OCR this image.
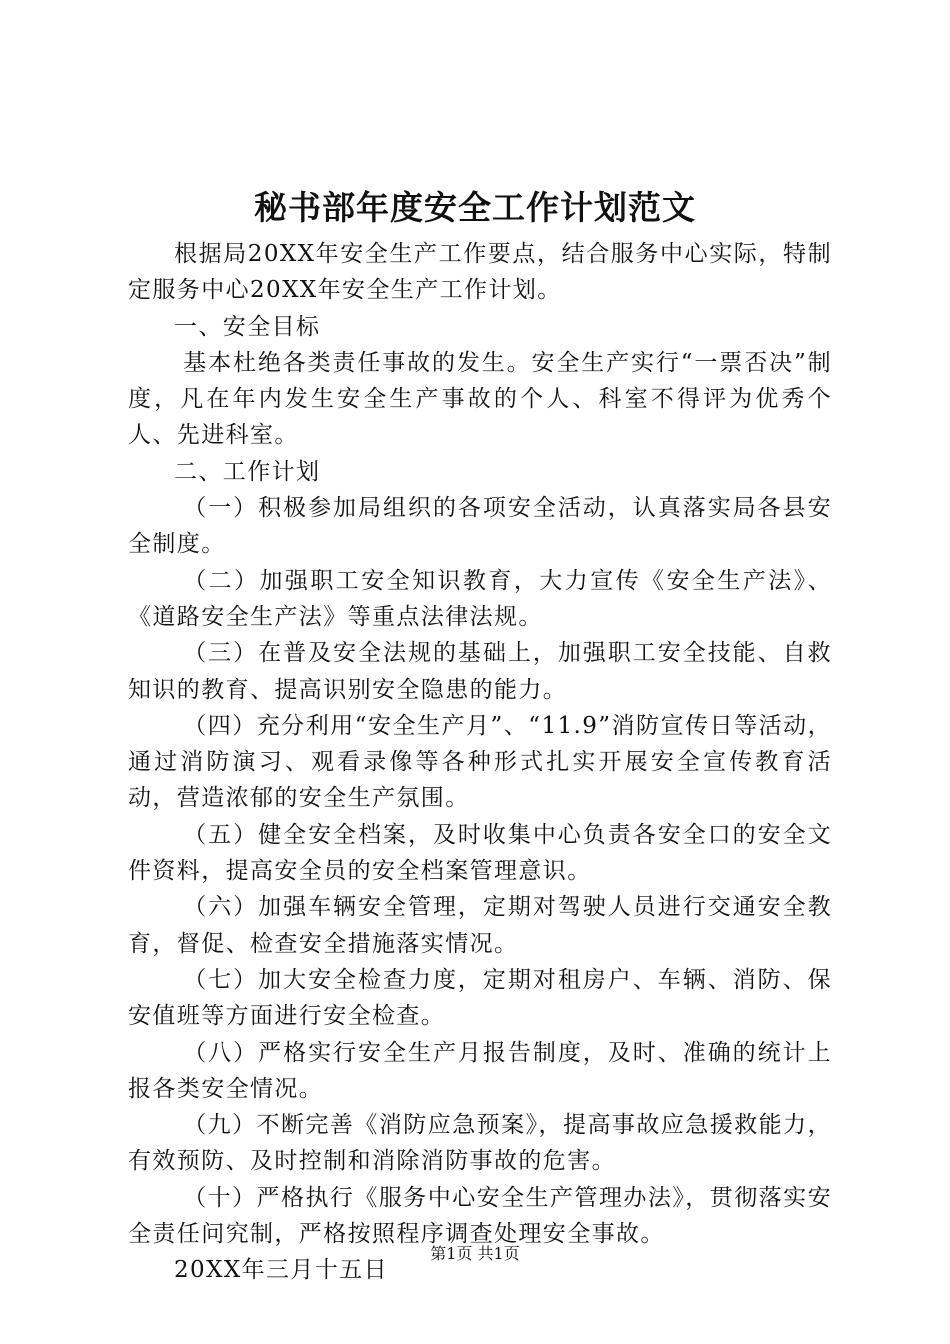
秘书部年度安全工作计划范文

根据局20XX年安全生产工作要点，结合服务中心实际，特制定服务中心20XX年安全生产工作计划。

一、安全目标

基本杜绝各类责任事故的发生。安全生产实行“一票否决”制度，凡在年内发生安全生产事故的个人、科室不得评为优秀个人、先进科室。

二、工作计划

（一）积极参加局组织的各项安全活动，认真落实局各县安全制度。

（二）加强职工安全知识教育，大力宣传《安全生产法》、《道路安全生产法》等重点法律法规。

（三）在普及安全法规的基础上，加强职工安全技能、自救知识的教育、提高识别安全隐患的能力。

（四）充分利用“安全生产月”、“11.9”消防宣传日等活动，通过消防演习、观看录像等各种形式扎实开展安全宣传教育活动，营造浓郁的安全生产氛围。

（五）健全安全档案，及时收集中心负责各安全口的安全文件资料，提高安全员的安全档案管理意识。

（六）加强车辆安全管理，定期对驾驶人员进行交通安全教育，督促、检查安全措施落实情况。

（七）加大安全检查力度，定期对租房户、车辆、消防、保安值班等方面进行安全检查。

（八）严格实行安全生产月报告制度，及时、准确的统计上报各类安全情况。

（九）不断完善《消防应急预案》，提高事故应急援救能力，有效预防、及时控制和消除消防事故的危害。

（十）严格执行《服务中心安全生产管理办法》，贯彻落实安全责任问究制，严格按照程序调查处理安全事故。

20XX年三月十五日

第1页 共1页
